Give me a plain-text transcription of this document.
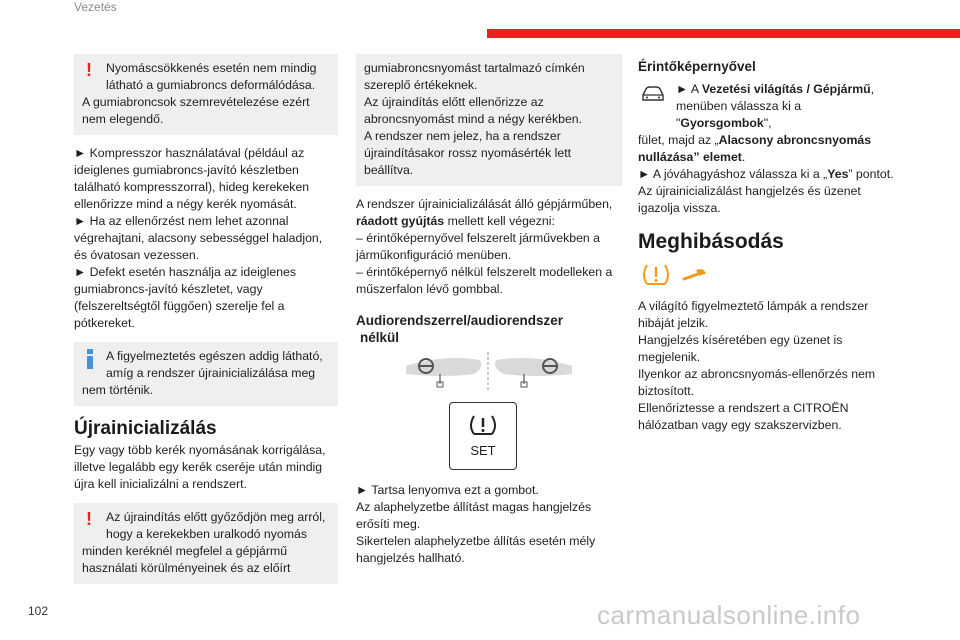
Vezetés
!	Nyomáscsökkenés esetén nem mindig

látható a gumiabroncs deformálódása.

A gumiabroncsok szemrevételezése ezért

nem elegendő.

► Kompresszor használatával (például az ideiglenes gumiabroncs-javító készletben található kompresszorral), hideg kerekeken ellenőrizze mind a négy kerék nyomását.

► Ha az ellenőrzést nem lehet azonnal végrehajtani, alacsony sebességgel haladjon, és óvatosan vezessen.

► Defekt esetén használja az ideiglenes gumiabroncs-javító készletet, vagy (felszereltségtől függően) szerelje fel a pótkereket.

A figyelmeztetés egészen addig látható,

amíg a rendszer újrainicializálása meg

nem történik.

Újrainicializálás

Egy vagy több kerék nyomásának korrigálása, illetve legalább egy kerék cseréje után mindig újra kell inicializálni a rendszert.

!	Az újraindítás előtt győződjön meg arról,

hogy a kerekekben uralkodó nyomás

minden keréknél megfelel a gépjármű

használati körülményeinek és az előírt

gumiabroncsnyomást tartalmazó címkén

szereplő értékeknek.

Az újraindítás előtt ellenőrizze az

abroncsnyomást mind a négy kerékben.

A rendszer nem jelez, ha a rendszer

újraindításakor rossz nyomásérték lett

beállítva.

A rendszer újrainicializálását álló gépjárműben, ráadott gyújtás mellett kell végezni:

– érintőképernyővel felszerelt járművekben a járműkonfiguráció menüben.

– érintőképernyő nélkül felszerelt modelleken a műszerfalon lévő gombbal.

Audiorendszerrel/audiorendszer
nélkül
SET

► Tartsa lenyomva ezt a gombot.

Az alaphelyzetbe állítást magas hangjelzés erősíti meg.

Sikertelen alaphelyzetbe állítás esetén mély hangjelzés hallható.

Érintőképernyővel

► A Vezetési világítás / Gépjármű,

menüben válassza ki a "Gyorsgombok",

fület, majd az „Alacsony abroncsnyomás nullázása” elemet.

► A jóváhagyáshoz válassza ki a „Yes” pontot.

Az újrainicializálást hangjelzés és üzenet igazolja vissza.

Meghibásodás

A világító figyelmeztető lámpák a rendszer hibáját jelzik.

Hangjelzés kíséretében egy üzenet is megjelenik.

Ilyenkor az abroncsnyomás-ellenőrzés nem biztosított.

Ellenőriztesse a rendszert a CITROËN hálózatban vagy egy szakszervizben.

102	carmanualsonline.info
